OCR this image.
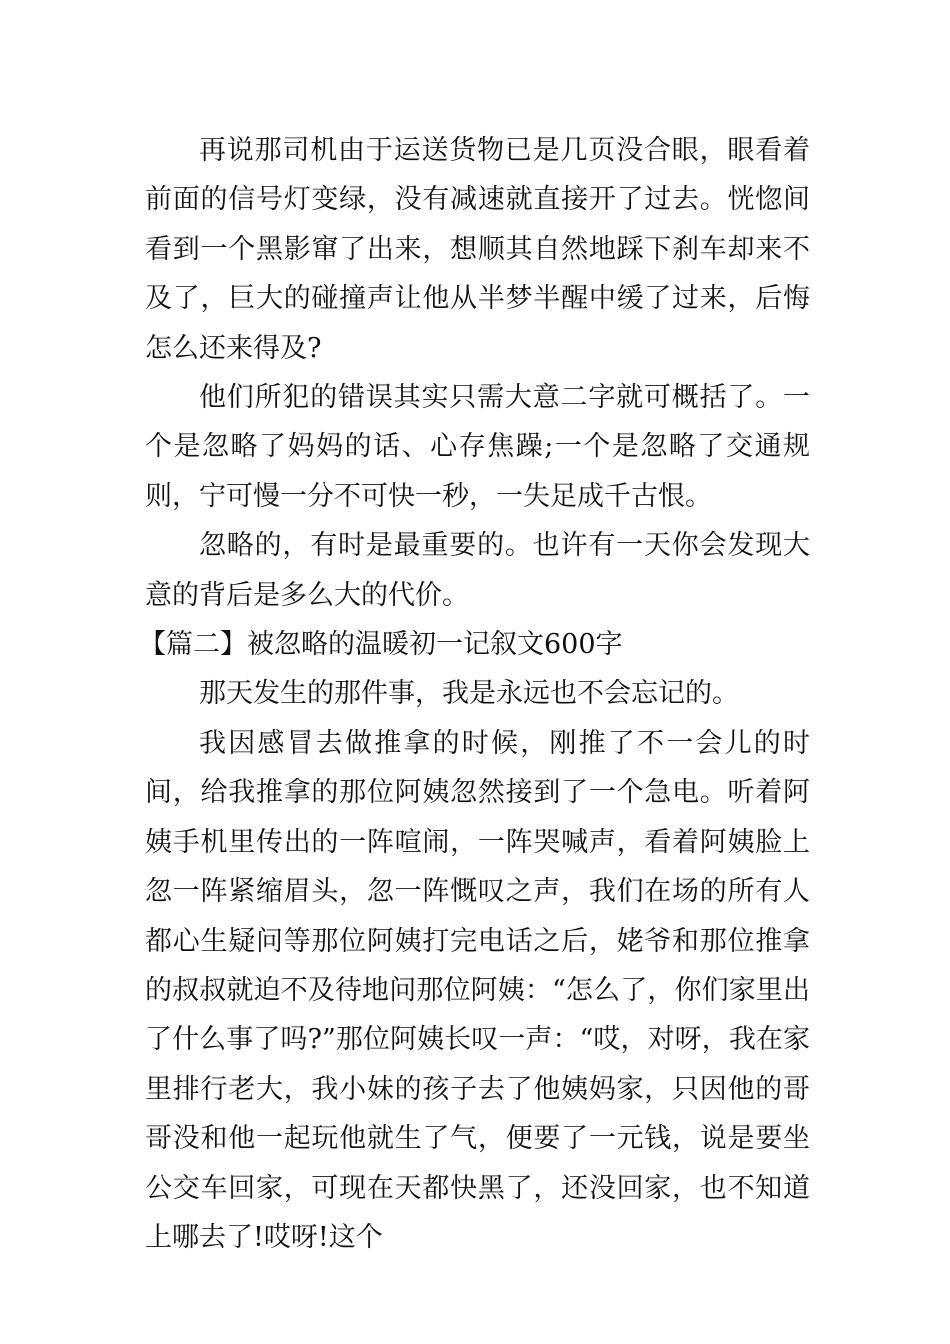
再说那司机由于运送货物已是几页没合眼，眼看着前面的信号灯变绿，没有减速就直接开了过去。恍惚间看到一个黑影窜了出来，想顺其自然地踩下刹车却来不及了，巨大的碰撞声让他从半梦半醒中缓了过来，后悔怎么还来得及?

他们所犯的错误其实只需大意二字就可概括了。一个是忽略了妈妈的话、心存焦躁;一个是忽略了交通规则，宁可慢一分不可快一秒，一失足成千古恨。

忽略的，有时是最重要的。也许有一天你会发现大意的背后是多么大的代价。

【篇二】被忽略的温暖初一记叙文600字

那天发生的那件事，我是永远也不会忘记的。

我因感冒去做推拿的时候，刚推了不一会儿的时间，给我推拿的那位阿姨忽然接到了一个急电。听着阿姨手机里传出的一阵喧闹，一阵哭喊声，看着阿姨脸上忽一阵紧缩眉头，忽一阵慨叹之声，我们在场的所有人都心生疑问等那位阿姨打完电话之后，姥爷和那位推拿的叔叔就迫不及待地问那位阿姨：“怎么了，你们家里出了什么事了吗?”那位阿姨长叹一声：“哎，对呀，我在家里排行老大，我小妹的孩子去了他姨妈家，只因他的哥哥没和他一起玩他就生了气，便要了一元钱，说是要坐公交车回家，可现在天都快黑了，还没回家，也不知道上哪去了!哎呀!这个
